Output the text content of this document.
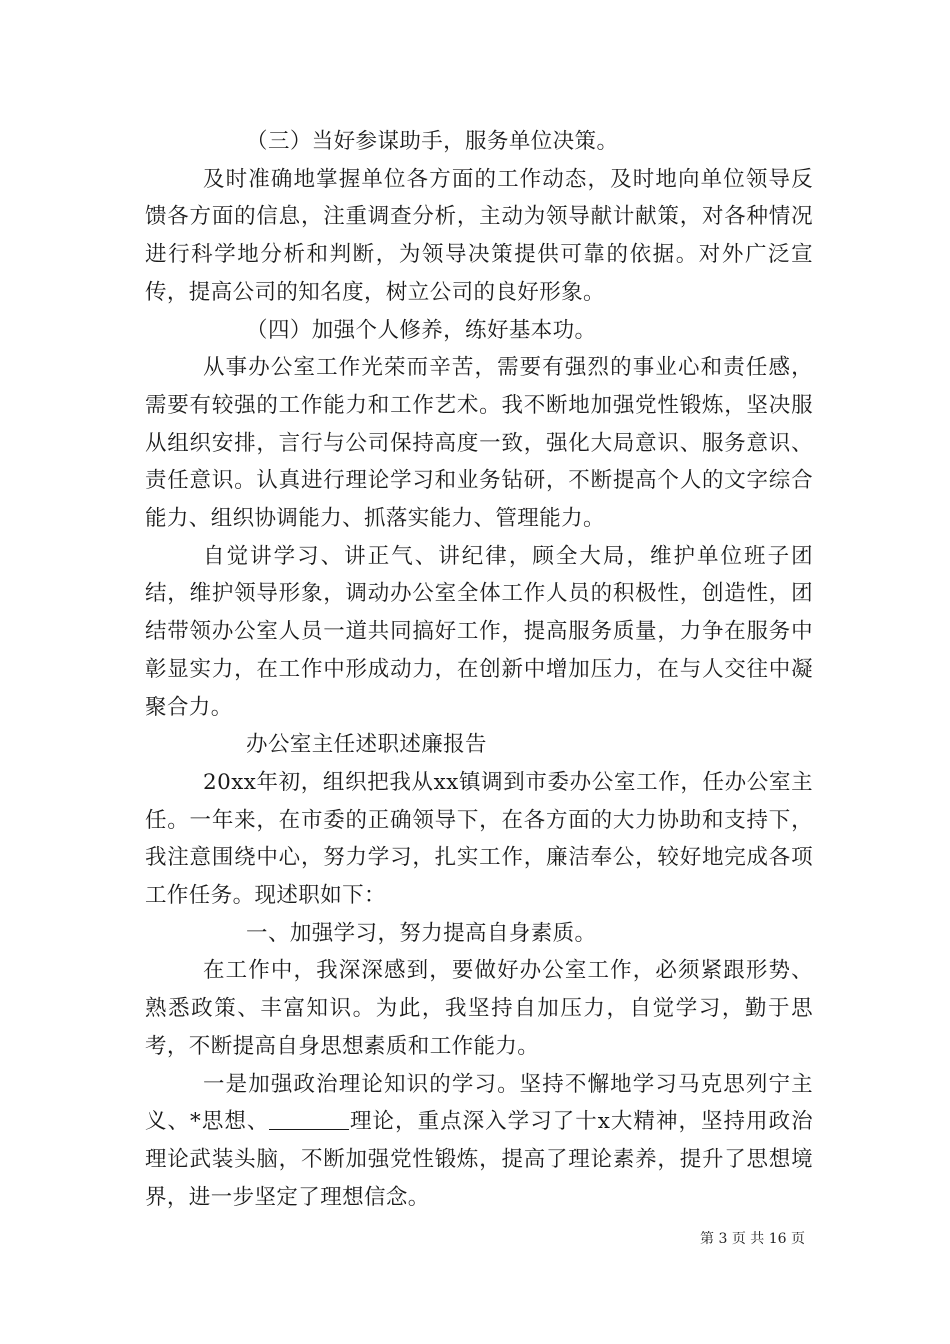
（三）当好参谋助手，服务单位决策。

及时准确地掌握单位各方面的工作动态，及时地向单位领导反馈各方面的信息，注重调查分析，主动为领导献计献策，对各种情况进行科学地分析和判断，为领导决策提供可靠的依据。对外广泛宣传，提高公司的知名度，树立公司的良好形象。

（四）加强个人修养，练好基本功。

从事办公室工作光荣而辛苦，需要有强烈的事业心和责任感，需要有较强的工作能力和工作艺术。我不断地加强党性锻炼，坚决服从组织安排，言行与公司保持高度一致，强化大局意识、服务意识、责任意识。认真进行理论学习和业务钻研，不断提高个人的文字综合能力、组织协调能力、抓落实能力、管理能力。

自觉讲学习、讲正气、讲纪律，顾全大局，维护单位班子团结，维护领导形象，调动办公室全体工作人员的积极性，创造性，团结带领办公室人员一道共同搞好工作，提高服务质量，力争在服务中彰显实力，在工作中形成动力，在创新中增加压力，在与人交往中凝聚合力。

办公室主任述职述廉报告

20xx年初，组织把我从xx镇调到市委办公室工作，任办公室主任。一年来，在市委的正确领导下，在各方面的大力协助和支持下，我注意围绕中心，努力学习，扎实工作，廉洁奉公，较好地完成各项工作任务。现述职如下：

一、加强学习，努力提高自身素质。

在工作中，我深深感到，要做好办公室工作，必须紧跟形势、熟悉政策、丰富知识。为此，我坚持自加压力，自觉学习，勤于思考，不断提高自身思想素质和工作能力。

一是加强政治理论知识的学习。坚持不懈地学习马克思列宁主义、*思想、	理论，重点深入学习了十x大精神，坚持用政治理论武装头脑，不断加强党性锻炼，提高了理论素养，提升了思想境界，进一步坚定了理想信念。

第 3 页 共 16 页
